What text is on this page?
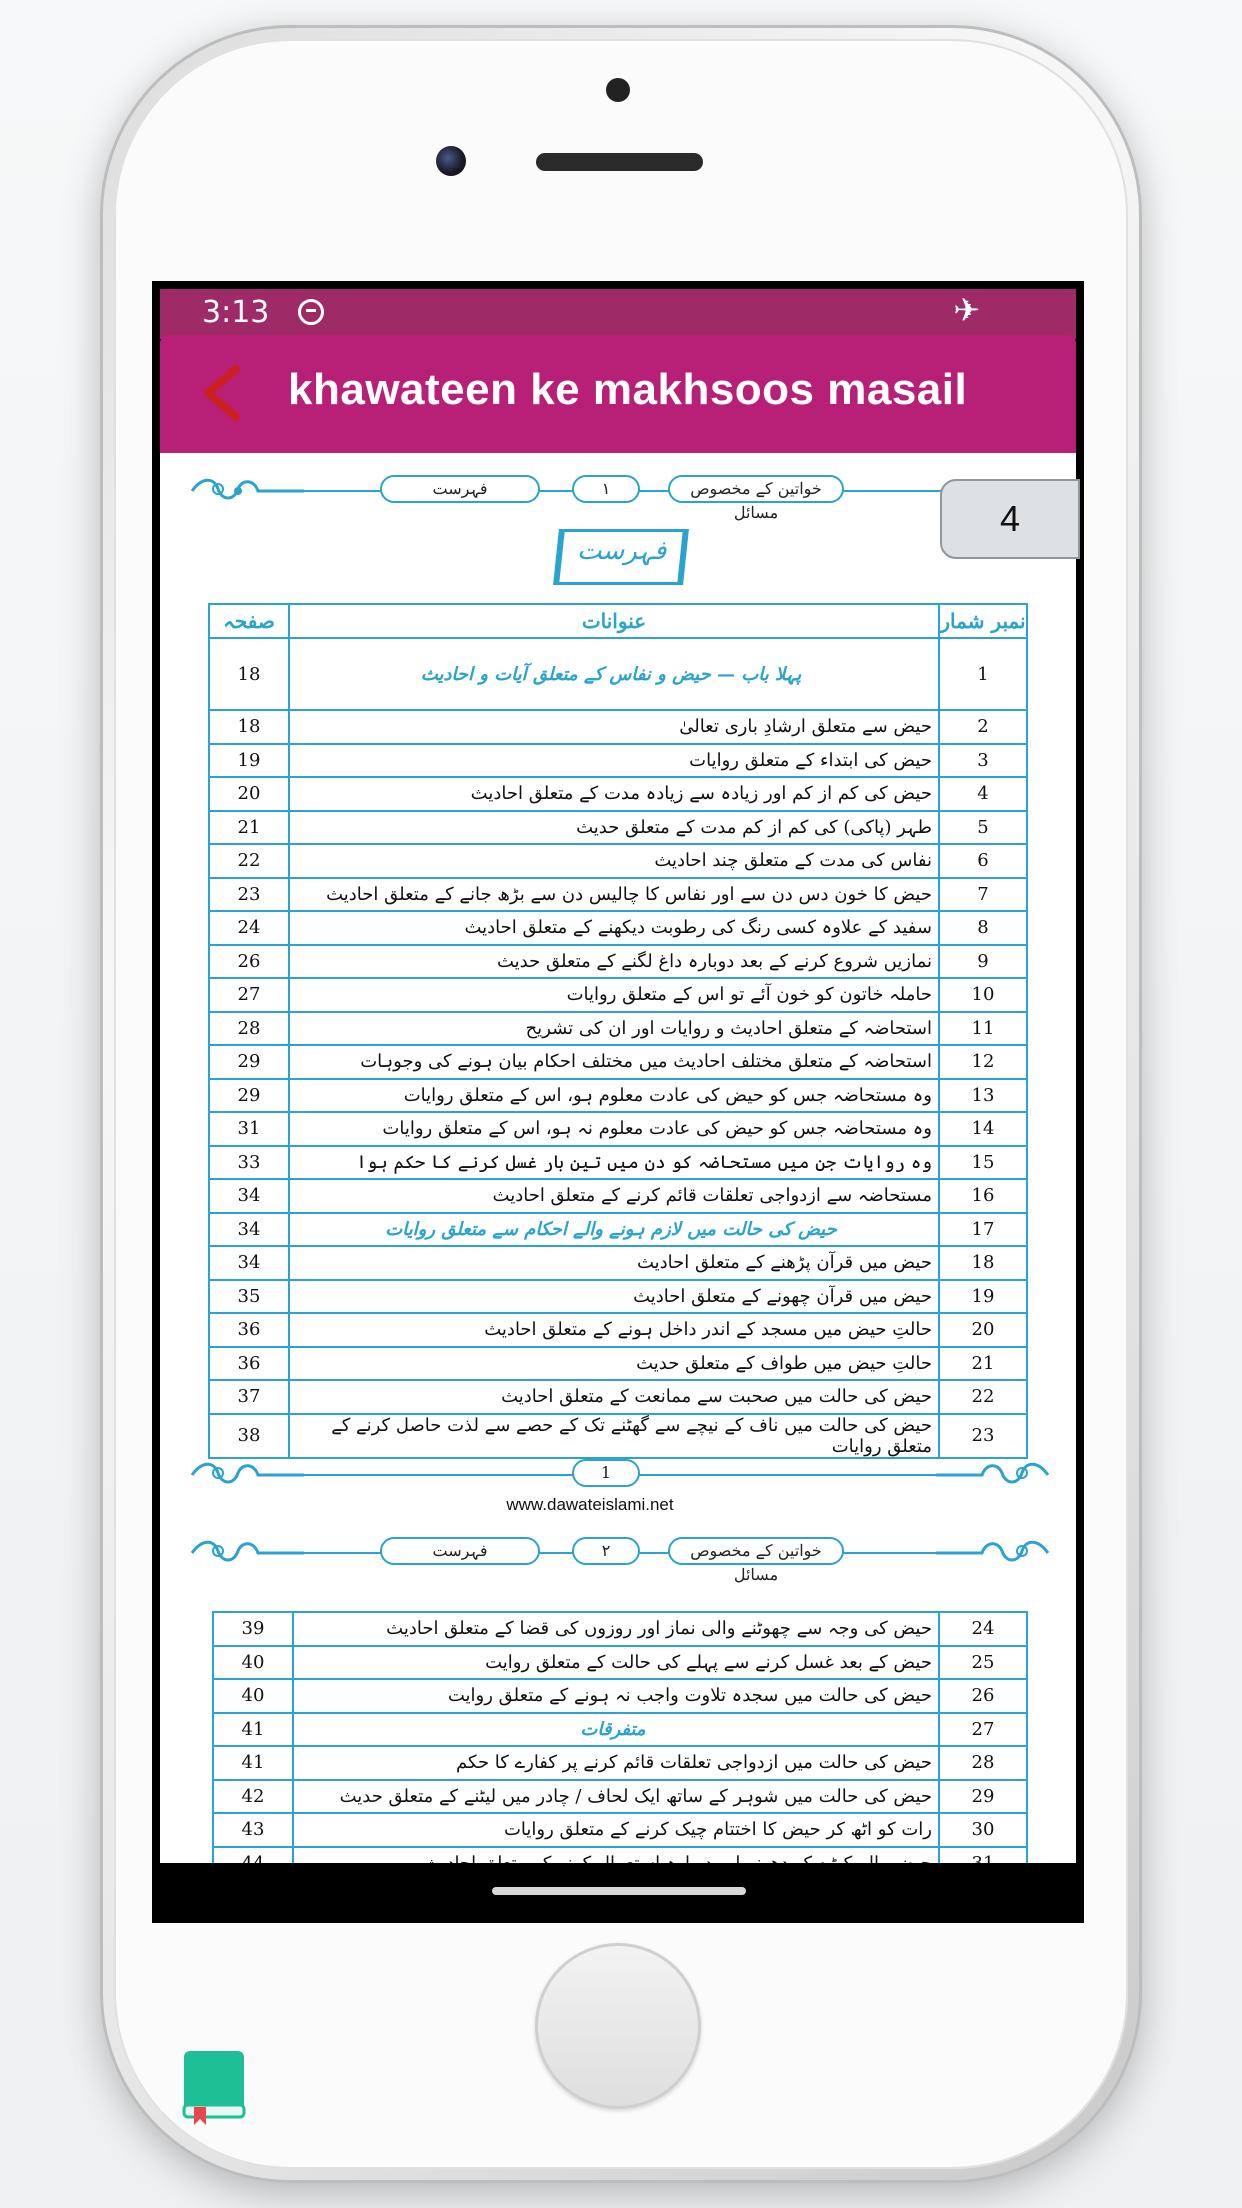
3:13	✈
khawateen ke makhsoos masail
فہرست	۱	خواتین کے مخصوص مسائل	4
فہرست
صفحہ	عنوانات	نمبر شمار
18	پہلا باب — حیض و نفاس کے متعلق آیات و احادیث	1
18	حیض سے متعلق ارشادِ باری تعالیٰ	2
19	حیض کی ابتداء کے متعلق روایات	3
20	حیض کی کم از کم اور زیادہ سے زیادہ مدت کے متعلق احادیث	4
21	طہر (پاکی) کی کم از کم مدت کے متعلق حدیث	5
22	نفاس کی مدت کے متعلق چند احادیث	6
23	حیض کا خون دس دن سے اور نفاس کا چالیس دن سے بڑھ جانے کے متعلق احادیث	7
24	سفید کے علاوہ کسی رنگ کی رطوبت دیکھنے کے متعلق احادیث	8
26	نمازیں شروع کرنے کے بعد دوبارہ داغ لگنے کے متعلق حدیث	9
27	حاملہ خاتون کو خون آئے تو اس کے متعلق روایات	10
28	استحاضہ کے متعلق احادیث و روایات اور ان کی تشریح	11
29	استحاضہ کے متعلق مختلف احادیث میں مختلف احکام بیان ہونے کی وجوہات	12
29	وہ مستحاضہ جس کو حیض کی عادت معلوم ہو، اس کے متعلق روایات	13
31	وہ مستحاضہ جس کو حیض کی عادت معلوم نہ ہو، اس کے متعلق روایات	14
33	وہ روایات جن میں مستحاضہ کو دن میں تین بار غسل کرنے کا حکم ہوا	15
34	مستحاضہ سے ازدواجی تعلقات قائم کرنے کے متعلق احادیث	16
34	حیض کی حالت میں لازم ہونے والے احکام سے متعلق روایات	17
34	حیض میں قرآن پڑھنے کے متعلق احادیث	18
35	حیض میں قرآن چھونے کے متعلق احادیث	19
36	حالتِ حیض میں مسجد کے اندر داخل ہونے کے متعلق احادیث	20
36	حالتِ حیض میں طواف کے متعلق حدیث	21
37	حیض کی حالت میں صحبت سے ممانعت کے متعلق احادیث	22
38	حیض کی حالت میں ناف کے نیچے سے گھٹنے تک کے حصے سے لذت حاصل کرنے کے متعلق روایات	23
1
www.dawateislami.net
فہرست	۲	خواتین کے مخصوص مسائل
39	حیض کی وجہ سے چھوٹنے والی نماز اور روزوں کی قضا کے متعلق احادیث	24
40	حیض کے بعد غسل کرنے سے پہلے کی حالت کے متعلق روایت	25
40	حیض کی حالت میں سجدہ تلاوت واجب نہ ہونے کے متعلق روایت	26
41	متفرقات	27
41	حیض کی حالت میں ازدواجی تعلقات قائم کرنے پر کفارے کا حکم	28
42	حیض کی حالت میں شوہر کے ساتھ ایک لحاف / چادر میں لیٹنے کے متعلق حدیث	29
43	رات کو اٹھ کر حیض کا اختتام چیک کرنے کے متعلق روایات	30
